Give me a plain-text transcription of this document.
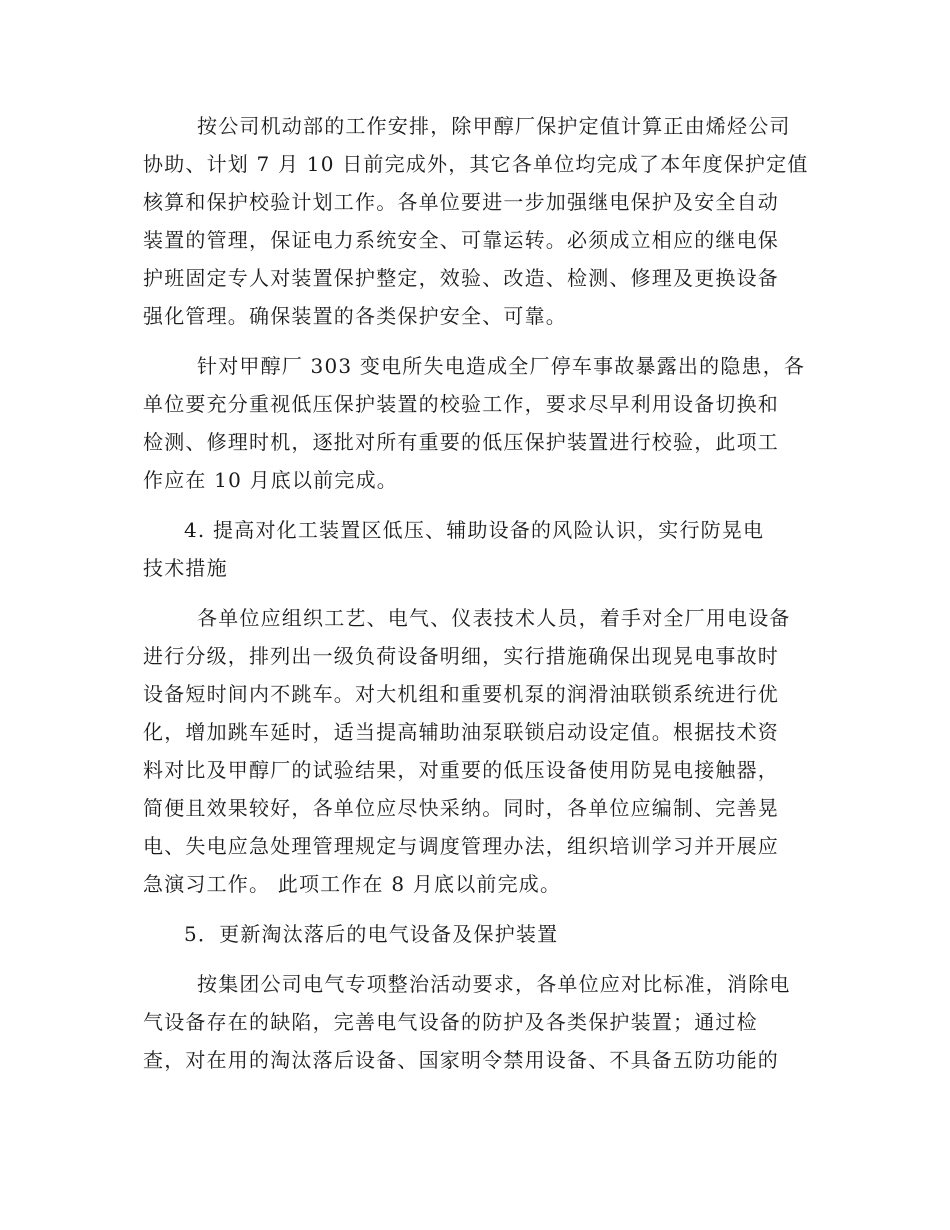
按公司机动部的工作安排，除甲醇厂保护定值计算正由烯烃公司
协助、计划 7 月 10 日前完成外，其它各单位均完成了本年度保护定值
核算和保护校验计划工作。各单位要进一步加强继电保护及安全自动
装置的管理，保证电力系统安全、可靠运转。必须成立相应的继电保
护班固定专人对装置保护整定，效验、改造、检测、修理及更换设备
强化管理。确保装置的各类保护安全、可靠。
针对甲醇厂 303 变电所失电造成全厂停车事故暴露出的隐患，各
单位要充分重视低压保护装置的校验工作，要求尽早利用设备切换和
检测、修理时机，逐批对所有重要的低压保护装置进行校验，此项工
作应在 10 月底以前完成。
4. 提高对化工装置区低压、辅助设备的风险认识，实行防晃电
技术措施
各单位应组织工艺、电气、仪表技术人员，着手对全厂用电设备
进行分级，排列出一级负荷设备明细，实行措施确保出现晃电事故时
设备短时间内不跳车。对大机组和重要机泵的润滑油联锁系统进行优
化，增加跳车延时，适当提高辅助油泵联锁启动设定值。根据技术资
料对比及甲醇厂的试验结果，对重要的低压设备使用防晃电接触器，
简便且效果较好，各单位应尽快采纳。同时，各单位应编制、完善晃
电、失电应急处理管理规定与调度管理办法，组织培训学习并开展应
急演习工作。 此项工作在 8 月底以前完成。
5．更新淘汰落后的电气设备及保护装置
按集团公司电气专项整治活动要求，各单位应对比标准，消除电
气设备存在的缺陷，完善电气设备的防护及各类保护装置；通过检
查，对在用的淘汰落后设备、国家明令禁用设备、不具备五防功能的
